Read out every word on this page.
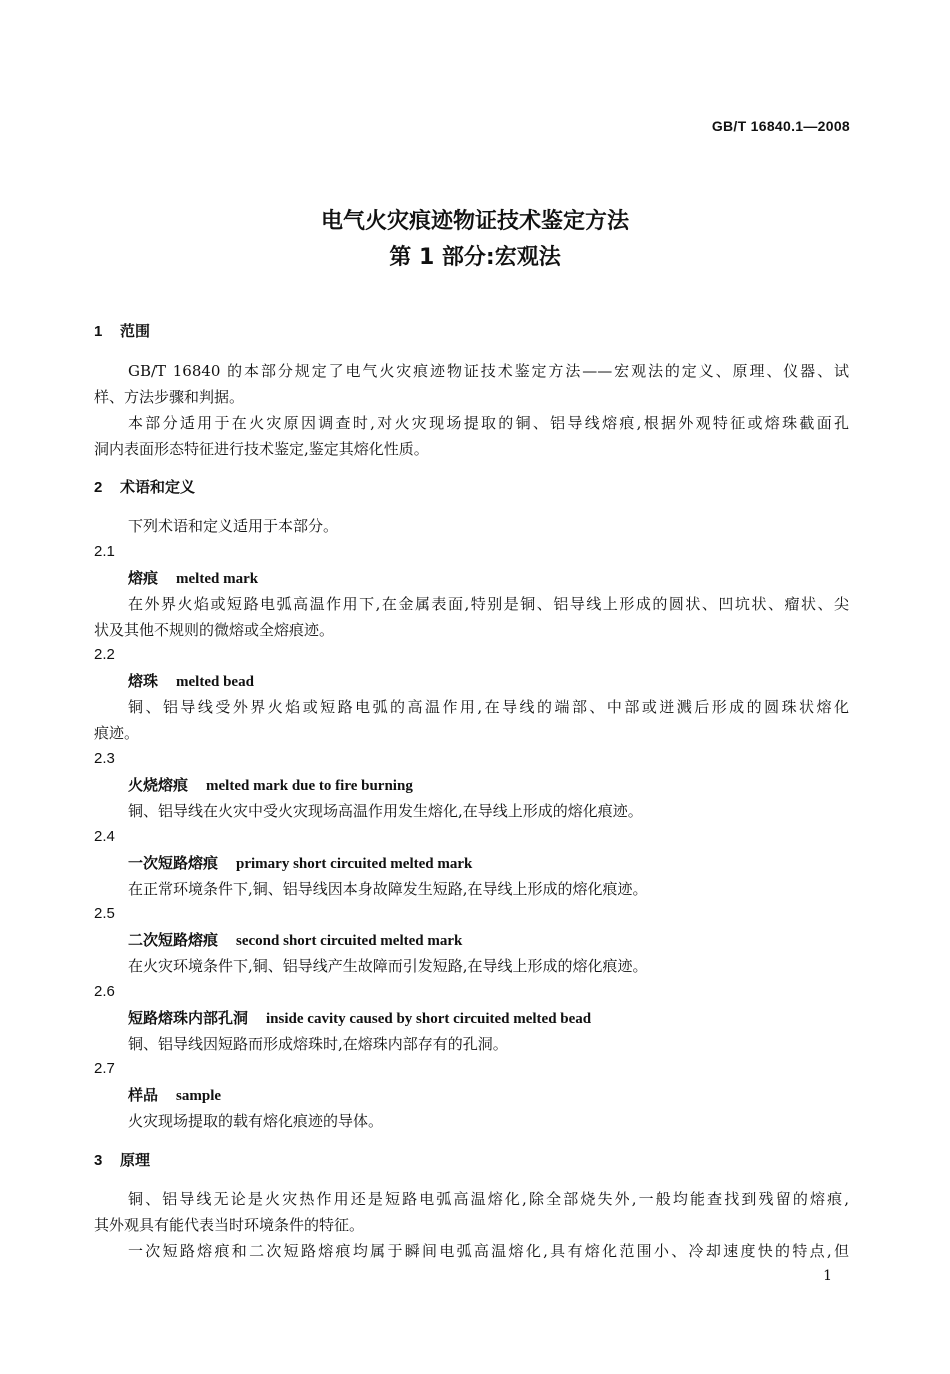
GB/T 16840.1—2008
电气火灾痕迹物证技术鉴定方法
第 1 部分:宏观法
1 范围
GB/T 16840 的本部分规定了电气火灾痕迹物证技术鉴定方法——宏观法的定义、原理、仪器、试
样、方法步骤和判据。
本部分适用于在火灾原因调查时,对火灾现场提取的铜、铝导线熔痕,根据外观特征或熔珠截面孔
洞内表面形态特征进行技术鉴定,鉴定其熔化性质。
2 术语和定义
下列术语和定义适用于本部分。
2.1
熔痕 melted mark
在外界火焰或短路电弧高温作用下,在金属表面,特别是铜、铝导线上形成的圆状、凹坑状、瘤状、尖
状及其他不规则的微熔或全熔痕迹。
2.2
熔珠 melted bead
铜、铝导线受外界火焰或短路电弧的高温作用,在导线的端部、中部或迸溅后形成的圆珠状熔化
痕迹。
2.3
火烧熔痕 melted mark due to fire burning
铜、铝导线在火灾中受火灾现场高温作用发生熔化,在导线上形成的熔化痕迹。
2.4
一次短路熔痕 primary short circuited melted mark
在正常环境条件下,铜、铝导线因本身故障发生短路,在导线上形成的熔化痕迹。
2.5
二次短路熔痕 second short circuited melted mark
在火灾环境条件下,铜、铝导线产生故障而引发短路,在导线上形成的熔化痕迹。
2.6
短路熔珠内部孔洞 inside cavity caused by short circuited melted bead
铜、铝导线因短路而形成熔珠时,在熔珠内部存有的孔洞。
2.7
样品 sample
火灾现场提取的载有熔化痕迹的导体。
3 原理
铜、铝导线无论是火灾热作用还是短路电弧高温熔化,除全部烧失外,一般均能查找到残留的熔痕,
其外观具有能代表当时环境条件的特征。
一次短路熔痕和二次短路熔痕均属于瞬间电弧高温熔化,具有熔化范围小、冷却速度快的特点,但
1
